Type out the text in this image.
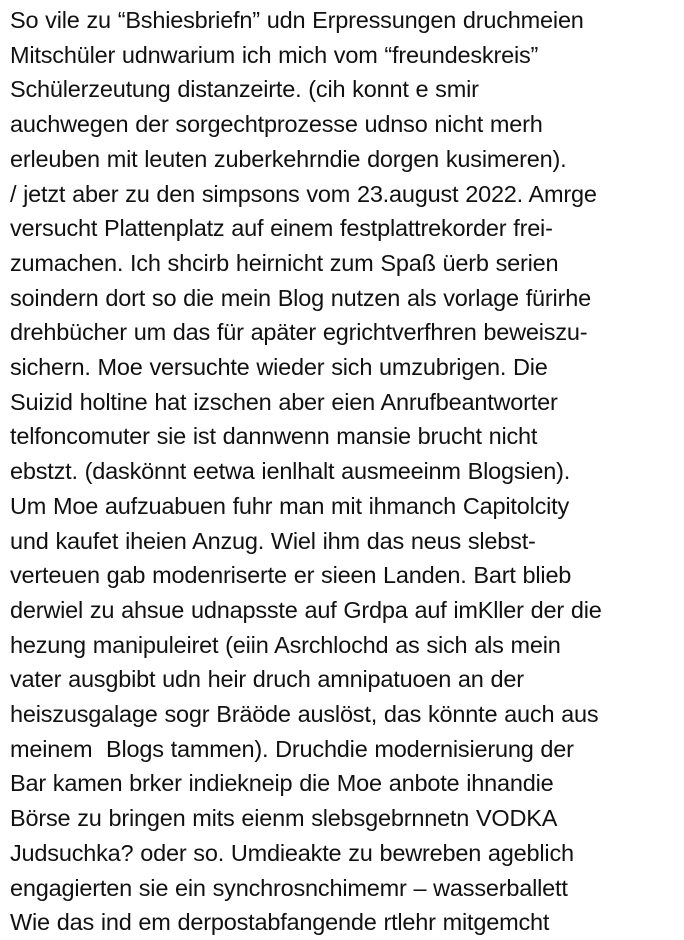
So vile zu “Bshiesbriefn” udn Erpressungen druchmeien
Mitschüler udnwarium ich mich vom “freundeskreis”
Schülerzeutung distanzeirte. (cih konnt e smir
auchwegen der sorgechtprozesse udnso nicht merh
erleuben mit leuten zuberkehrndie dorgen kusimeren).
/ jetzt aber zu den simpsons vom 23.august 2022. Amrge
versucht Plattenplatz auf einem festplattrekorder frei-
zumachen. Ich shcirb heirnicht zum Spaß üerb serien
soindern dort so die mein Blog nutzen als vorlage fürirhe
drehbücher um das für apäter egrichtverfhren beweiszu-
sichern. Moe versuchte wieder sich umzubrigen. Die
Suizid holtine hat izschen aber eien Anrufbeantworter
telfoncomuter sie ist dannwenn mansie brucht nicht
ebstzt. (daskönnt eetwa ienlhalt ausmeeinm Blogsien).
Um Moe aufzuabuen fuhr man mit ihmanch Capitolcity
und kaufet iheien Anzug. Wiel ihm das neus slebst-
verteuen gab modenriserte er sieen Landen. Bart blieb
derwiel zu ahsue udnapsste auf Grdpa auf imKller der die
hezung manipuleiret (eiin Asrchlochd as sich als mein
vater ausgbibt udn heir druch amnipatuoen an der
heiszusgalage sogr Bräöde auslöst, das könnte auch aus
meinem  Blogs tammen). Druchdie modernisierung der
Bar kamen brker indiekneip die Moe anbote ihnandie
Börse zu bringen mits eienm slebsgebrnnetn VODKA
Judsuchka? oder so. Umdieakte zu bewreben ageblich
engagierten sie ein synchrosnchimemr – wasserballett
Wie das ind em derpostabfangende rtlehr mitgemcht
